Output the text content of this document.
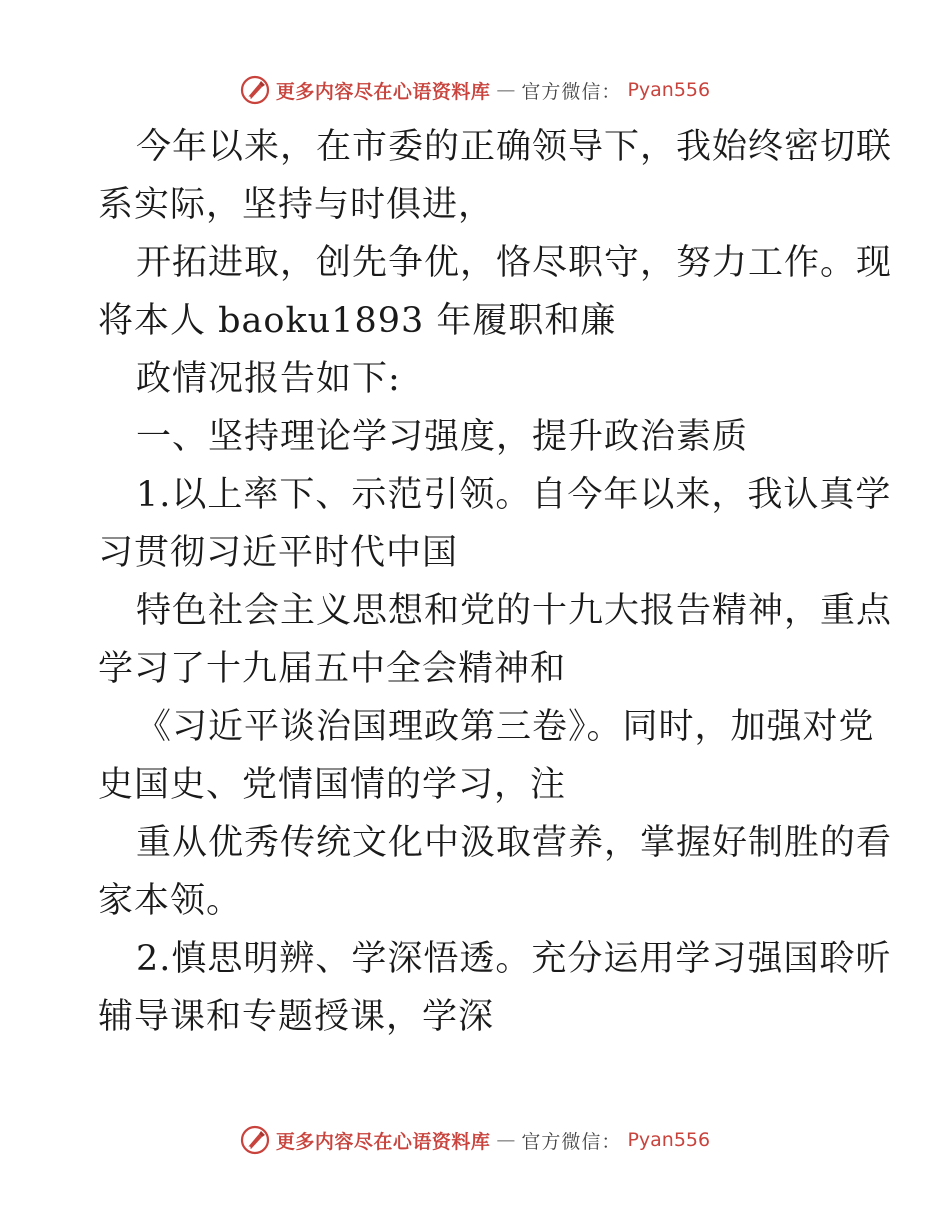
更多内容尽在心语资料库 — 官方微信： Pyan556
今年以来，在市委的正确领导下，我始终密切联
系实际，坚持与时俱进，
开拓进取，创先争优，恪尽职守，努力工作。现
将本人 baoku1893 年履职和廉
政情况报告如下:
一、坚持理论学习强度，提升政治素质
1.以上率下、示范引领。自今年以来，我认真学
习贯彻习近平时代中国
特色社会主义思想和党的十九大报告精神，重点
学习了十九届五中全会精神和
《习近平谈治国理政第三卷》。同时，加强对党
史国史、党情国情的学习，注
重从优秀传统文化中汲取营养，掌握好制胜的看
家本领。
2.慎思明辨、学深悟透。充分运用学习强国聆听
辅导课和专题授课，学深
更多内容尽在心语资料库 — 官方微信： Pyan556
